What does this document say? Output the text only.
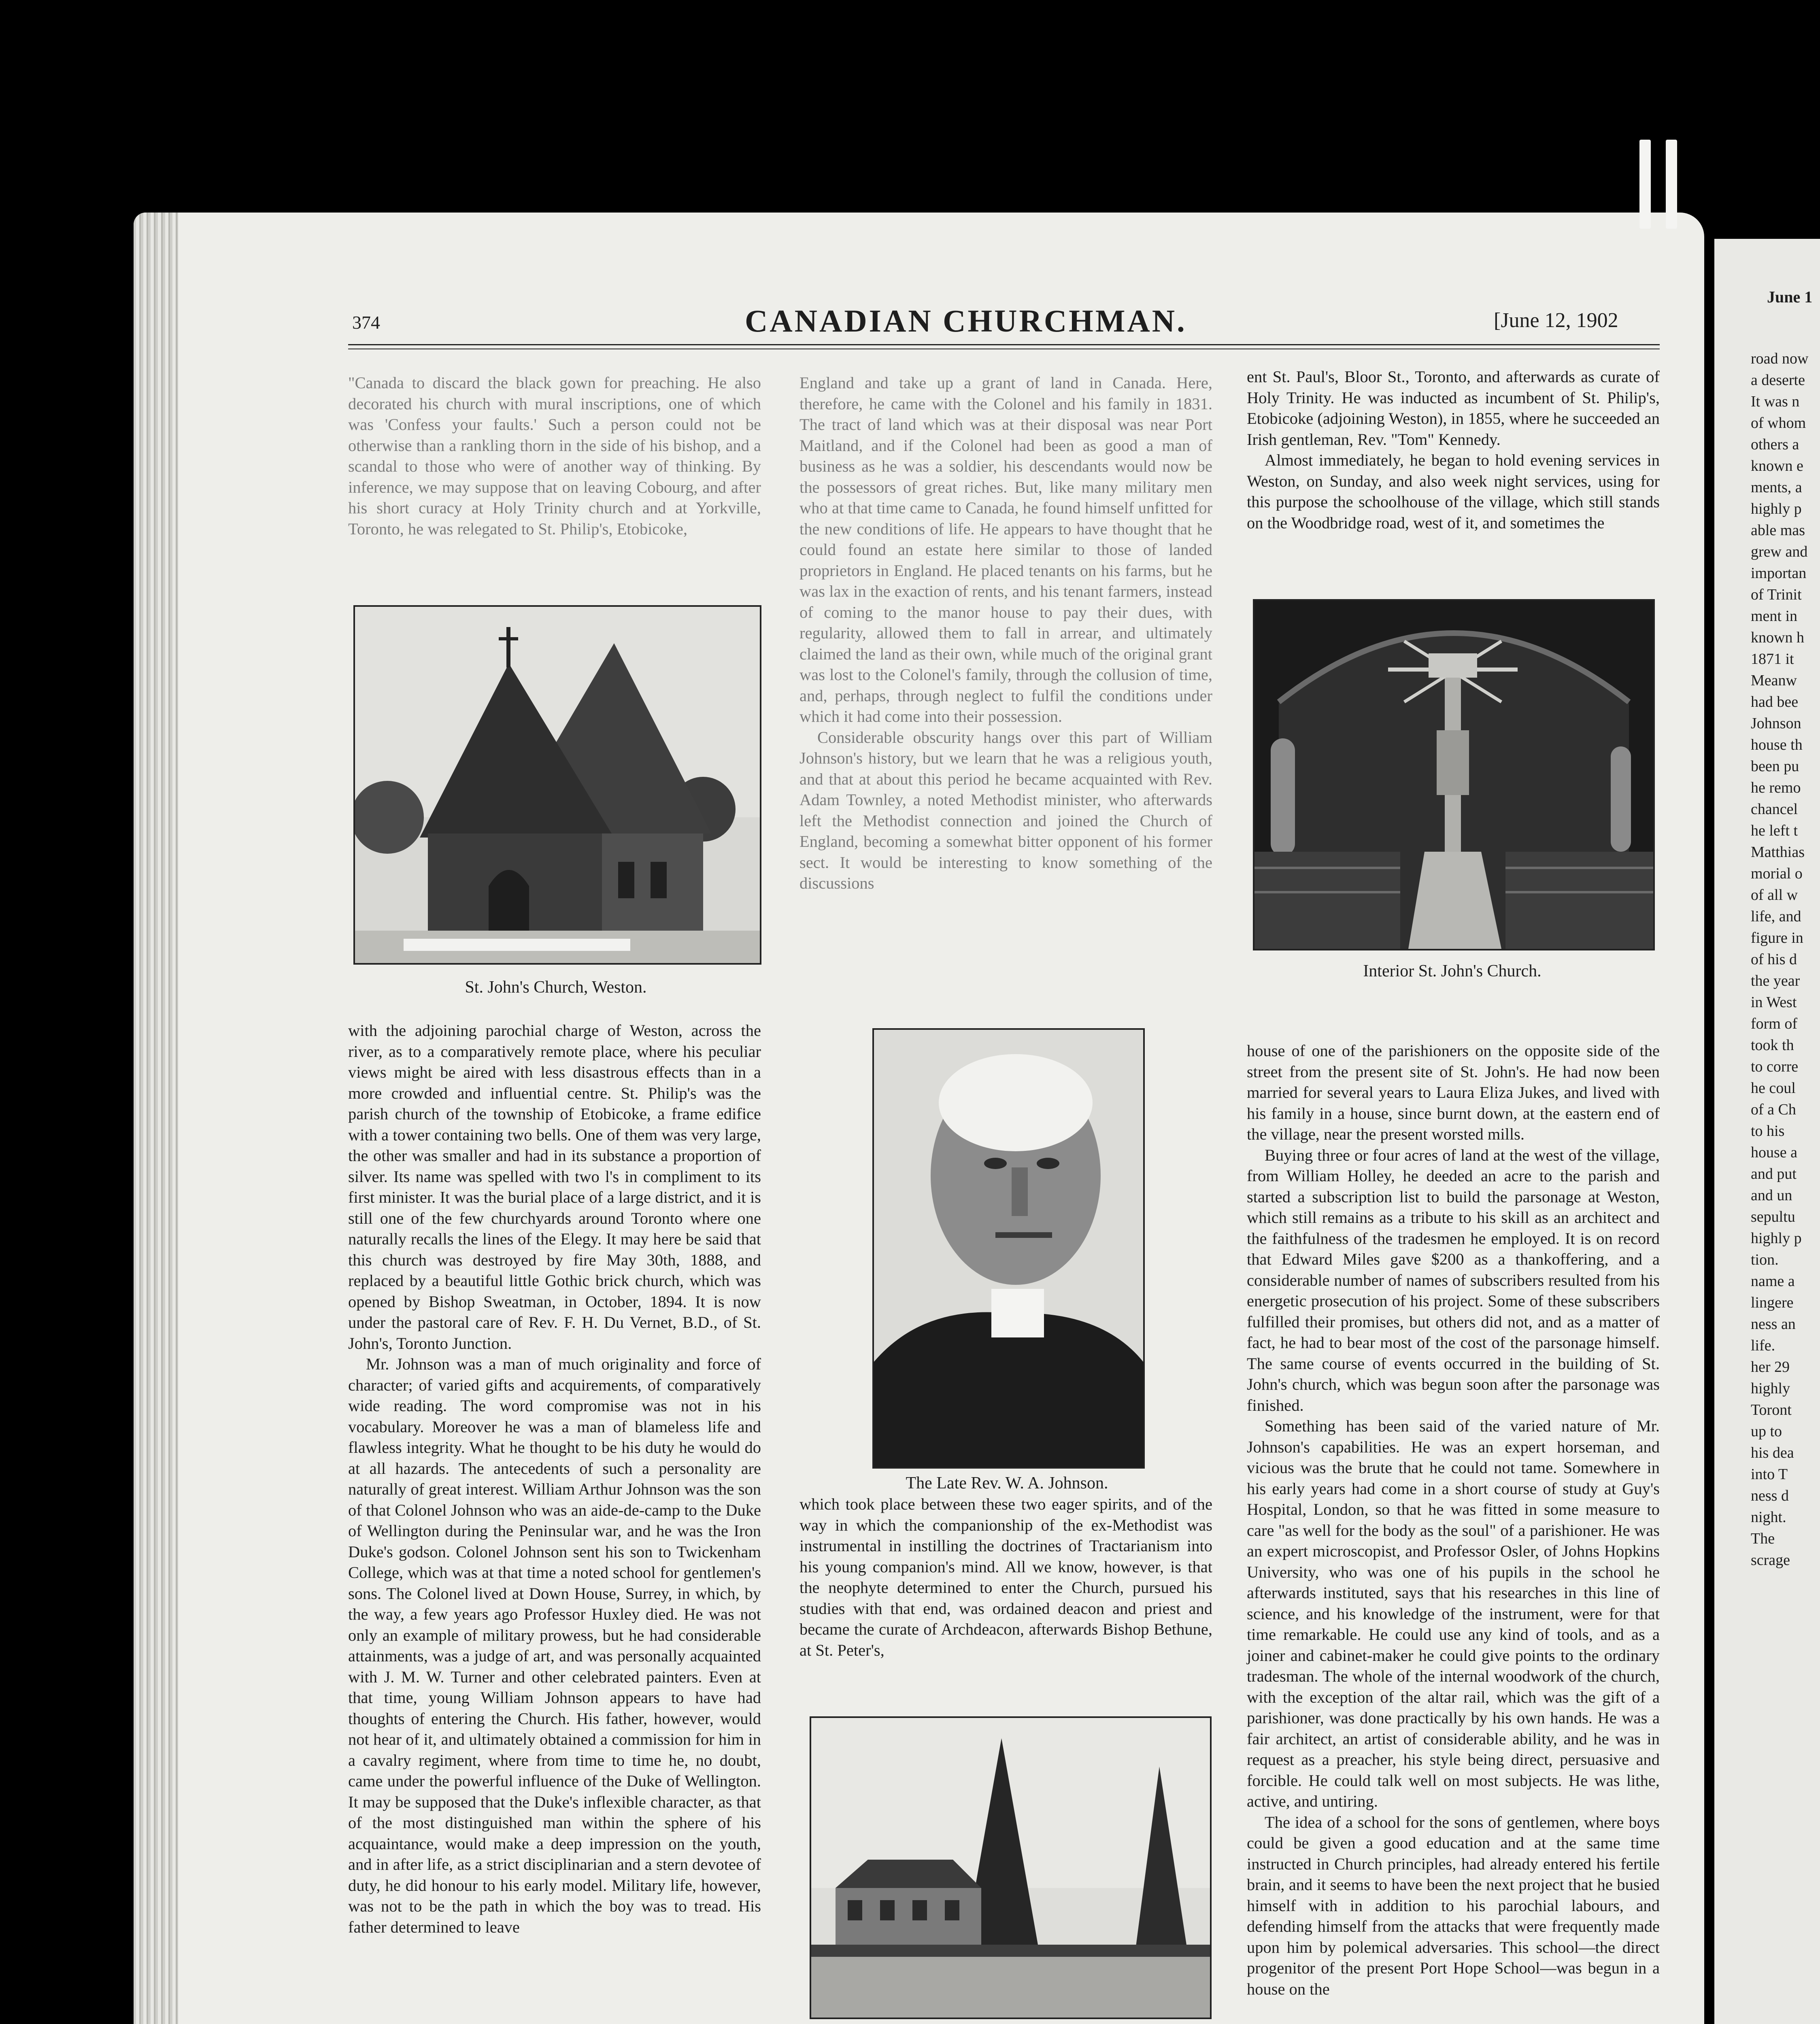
June 1
road now
a deserte
It was n
of whom
others a
known e
ments, a
highly p
able mas
grew and
importan
of Trinit
ment in
known h
1871 it
Meanw
had bee
Johnson
house th
been pu
he remo
chancel
he left t
Matthias
morial o
of all w
life, and
figure in
of his d
the year
in West
form of
took th
to corre
he coul
of a Ch
to his
house a
and put
and un
sepultu
highly p
tion.
name a
lingere
ness an
life.
her 29
highly
Toront
up to
his dea
into T
ness d
night.
The
scrage
374	CANADIAN CHURCHMAN.	[June 12, 1902

"Canada to discard the black gown for preaching. He also decorated his church with mural inscriptions, one of which was 'Confess your faults.' Such a person could not be otherwise than a rankling thorn in the side of his bishop, and a scandal to those who were of another way of thinking. By inference, we may suppose that on leaving Cobourg, and after his short curacy at Holy Trinity church and at Yorkville, Toronto, he was relegated to St. Philip's, Etobicoke,

St. John's Church, Weston.

with the adjoining parochial charge of Weston, across the river, as to a comparatively remote place, where his peculiar views might be aired with less disastrous effects than in a more crowded and influential centre. St. Philip's was the parish church of the township of Etobicoke, a frame edifice with a tower containing two bells. One of them was very large, the other was smaller and had in its substance a proportion of silver. Its name was spelled with two l's in compliment to its first minister. It was the burial place of a large district, and it is still one of the few churchyards around Toronto where one naturally recalls the lines of the Elegy. It may here be said that this church was destroyed by fire May 30th, 1888, and replaced by a beautiful little Gothic brick church, which was opened by Bishop Sweatman, in October, 1894. It is now under the pastoral care of Rev. F. H. Du Vernet, B.D., of St. John's, Toronto Junction.

Mr. Johnson was a man of much originality and force of character; of varied gifts and acquirements, of comparatively wide reading. The word compromise was not in his vocabulary. Moreover he was a man of blameless life and flawless integrity. What he thought to be his duty he would do at all hazards. The antecedents of such a personality are naturally of great interest. William Arthur Johnson was the son of that Colonel Johnson who was an aide-de-camp to the Duke of Wellington during the Peninsular war, and he was the Iron Duke's godson. Colonel Johnson sent his son to Twickenham College, which was at that time a noted school for gentlemen's sons. The Colonel lived at Down House, Surrey, in which, by the way, a few years ago Professor Huxley died. He was not only an example of military prowess, but he had considerable attainments, was a judge of art, and was personally acquainted with J. M. W. Turner and other celebrated painters. Even at that time, young William Johnson appears to have had thoughts of entering the Church. His father, however, would not hear of it, and ultimately obtained a commission for him in a cavalry regiment, where from time to time he, no doubt, came under the powerful influence of the Duke of Wellington. It may be supposed that the Duke's inflexible character, as that of the most distinguished man within the sphere of his acquaintance, would make a deep impression on the youth, and in after life, as a strict disciplinarian and a stern devotee of duty, he did honour to his early model. Military life, however, was not to be the path in which the boy was to tread. His father determined to leave

England and take up a grant of land in Canada. Here, therefore, he came with the Colonel and his family in 1831. The tract of land which was at their disposal was near Port Maitland, and if the Colonel had been as good a man of business as he was a soldier, his descendants would now be the possessors of great riches. But, like many military men who at that time came to Canada, he found himself unfitted for the new conditions of life. He appears to have thought that he could found an estate here similar to those of landed proprietors in England. He placed tenants on his farms, but he was lax in the exaction of rents, and his tenant farmers, instead of coming to the manor house to pay their dues, with regularity, allowed them to fall in arrear, and ultimately claimed the land as their own, while much of the original grant was lost to the Colonel's family, through the collusion of time, and, perhaps, through neglect to fulfil the conditions under which it had come into their possession.

Considerable obscurity hangs over this part of William Johnson's history, but we learn that he was a religious youth, and that at about this period he became acquainted with Rev. Adam Townley, a noted Methodist minister, who afterwards left the Methodist connection and joined the Church of England, becoming a somewhat bitter opponent of his former sect. It would be interesting to know something of the discussions

The Late Rev. W. A. Johnson.

which took place between these two eager spirits, and of the way in which the companionship of the ex-Methodist was instrumental in instilling the doctrines of Tractarianism into his young companion's mind. All we know, however, is that the neophyte determined to enter the Church, pursued his studies with that end, was ordained deacon and priest and became the curate of Archdeacon, afterwards Bishop Bethune, at St. Peter's,

ent St. Paul's, Bloor St., Toronto, and afterwards as curate of Holy Trinity. He was inducted as incumbent of St. Philip's, Etobicoke (adjoining Weston), in 1855, where he succeeded an Irish gentleman, Rev. "Tom" Kennedy.

Almost immediately, he began to hold evening services in Weston, on Sunday, and also week night services, using for this purpose the schoolhouse of the village, which still stands on the Woodbridge road, west of it, and sometimes the

Interior St. John's Church.

house of one of the parishioners on the opposite side of the street from the present site of St. John's. He had now been married for several years to Laura Eliza Jukes, and lived with his family in a house, since burnt down, at the eastern end of the village, near the present worsted mills.

Buying three or four acres of land at the west of the village, from William Holley, he deeded an acre to the parish and started a subscription list to build the parsonage at Weston, which still remains as a tribute to his skill as an architect and the faithfulness of the tradesmen he employed. It is on record that Edward Miles gave $200 as a thankoffering, and a considerable number of names of subscribers resulted from his energetic prosecution of his project. Some of these subscribers fulfilled their promises, but others did not, and as a matter of fact, he had to bear most of the cost of the parsonage himself. The same course of events occurred in the building of St. John's church, which was begun soon after the parsonage was finished.

Something has been said of the varied nature of Mr. Johnson's capabilities. He was an expert horseman, and vicious was the brute that he could not tame. Somewhere in his early years had come in a short course of study at Guy's Hospital, London, so that he was fitted in some measure to care "as well for the body as the soul" of a parishioner. He was an expert microscopist, and Professor Osler, of Johns Hopkins University, who was one of his pupils in the school he afterwards instituted, says that his researches in this line of science, and his knowledge of the instrument, were for that time remarkable. He could use any kind of tools, and as a joiner and cabinet-maker he could give points to the ordinary tradesman. The whole of the internal woodwork of the church, with the exception of the altar rail, which was the gift of a parishioner, was done practically by his own hands. He was a fair architect, an artist of considerable ability, and he was in request as a preacher, his style being direct, persuasive and forcible. He could talk well on most subjects. He was lithe, active, and untiring.

The idea of a school for the sons of gentlemen, where boys could be given a good education and at the same time instructed in Church principles, had already entered his fertile brain, and it seems to have been the next project that he busied himself with in addition to his parochial labours, and defending himself from the attacks that were frequently made upon him by polemical adversaries. This school—the direct progenitor of the present Port Hope School—was begun in a house on the
